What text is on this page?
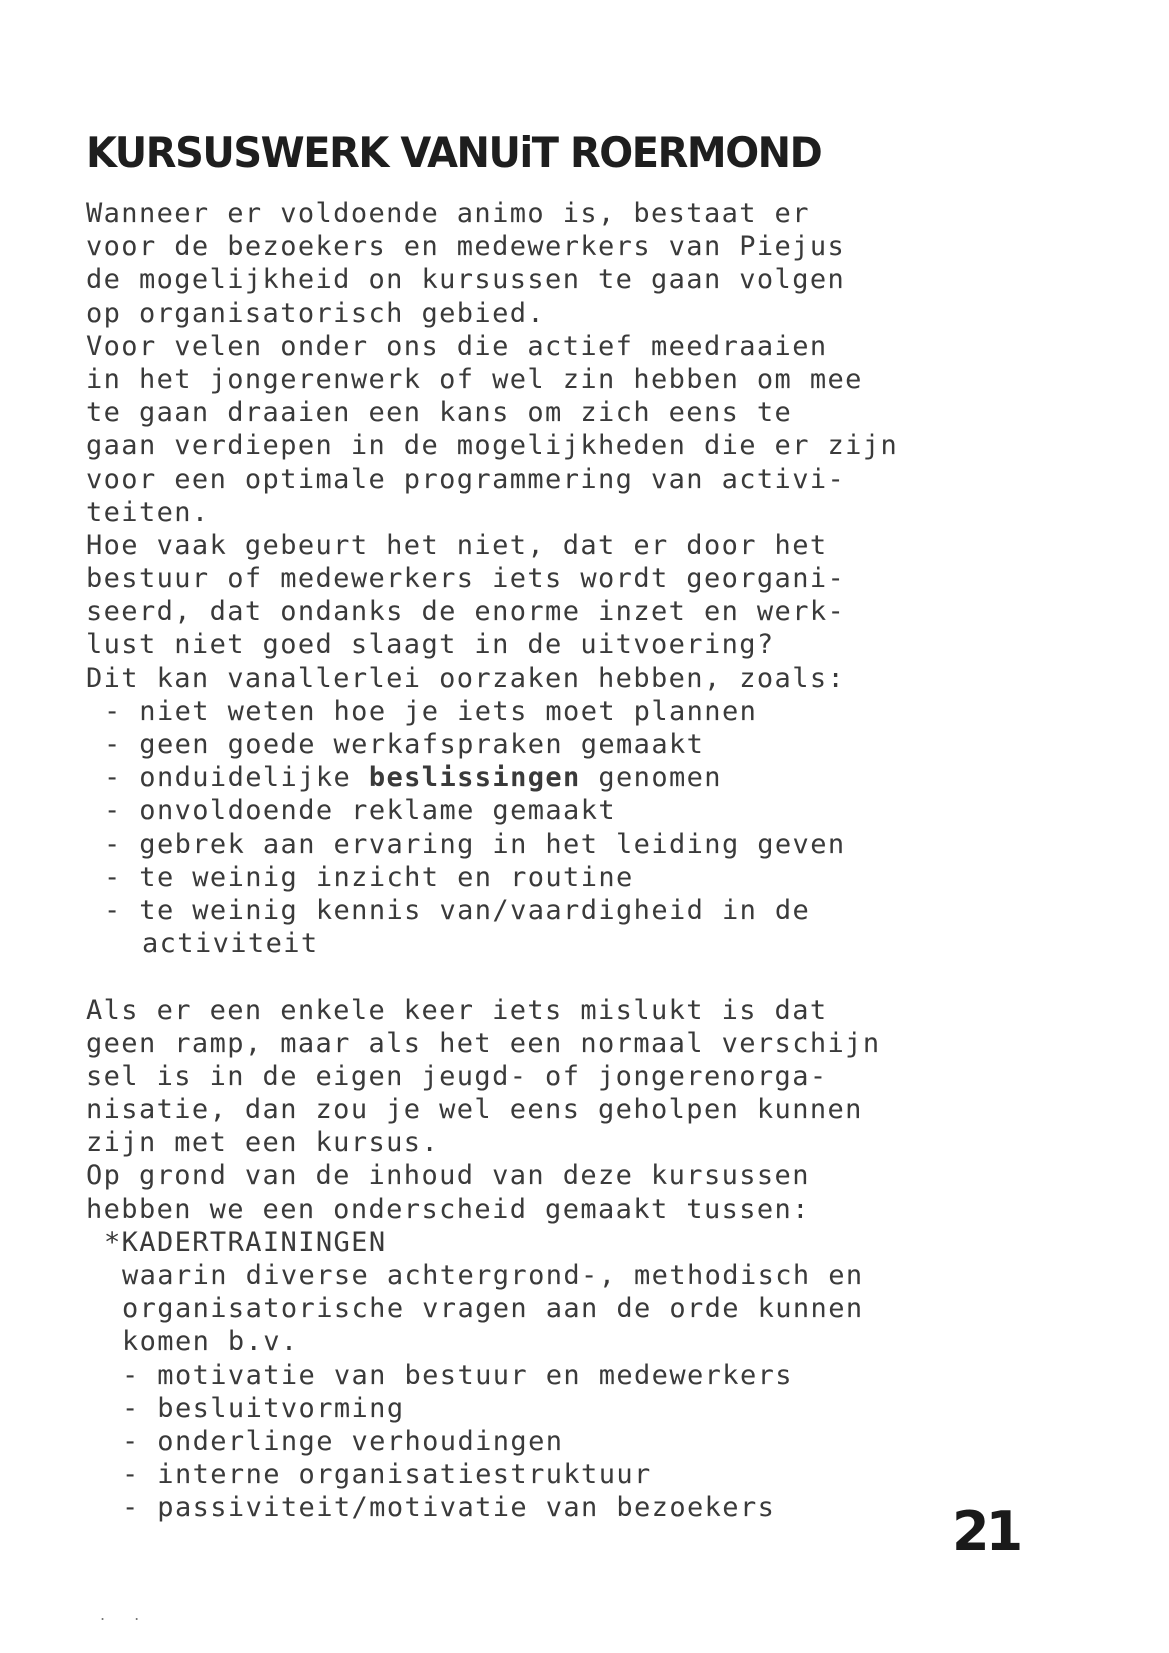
KURSUSWERK VANUiT ROERMOND
Wanneer er voldoende animo is, bestaat er
voor de bezoekers en medewerkers van Piejus
de mogelijkheid on kursussen te gaan volgen
op organisatorisch gebied.
Voor velen onder ons die actief meedraaien
in het jongerenwerk of wel zin hebben om mee
te gaan draaien een kans om zich eens te
gaan verdiepen in de mogelijkheden die er zijn
voor een optimale programmering van activi-
teiten.
Hoe vaak gebeurt het niet, dat er door het
bestuur of medewerkers iets wordt georgani-
seerd, dat ondanks de enorme inzet en werk-
lust niet goed slaagt in de uitvoering?
Dit kan vanallerlei oorzaken hebben, zoals:
- niet weten hoe je iets moet plannen
- geen goede werkafspraken gemaakt
- onduidelijke beslissingen genomen
- onvoldoende reklame gemaakt
- gebrek aan ervaring in het leiding geven
- te weinig inzicht en routine
- te weinig kennis van/vaardigheid in de
activiteit
Als er een enkele keer iets mislukt is dat
geen ramp, maar als het een normaal verschijn
sel is in de eigen jeugd- of jongerenorga-
nisatie, dan zou je wel eens geholpen kunnen
zijn met een kursus.
Op grond van de inhoud van deze kursussen
hebben we een onderscheid gemaakt tussen:
*KADERTRAININGEN
waarin diverse achtergrond-, methodisch en
organisatorische vragen aan de orde kunnen
komen b.v.
- motivatie van bestuur en medewerkers
- besluitvorming
- onderlinge verhoudingen
- interne organisatiestruktuur
- passiviteit/motivatie van bezoekers	21
. .
